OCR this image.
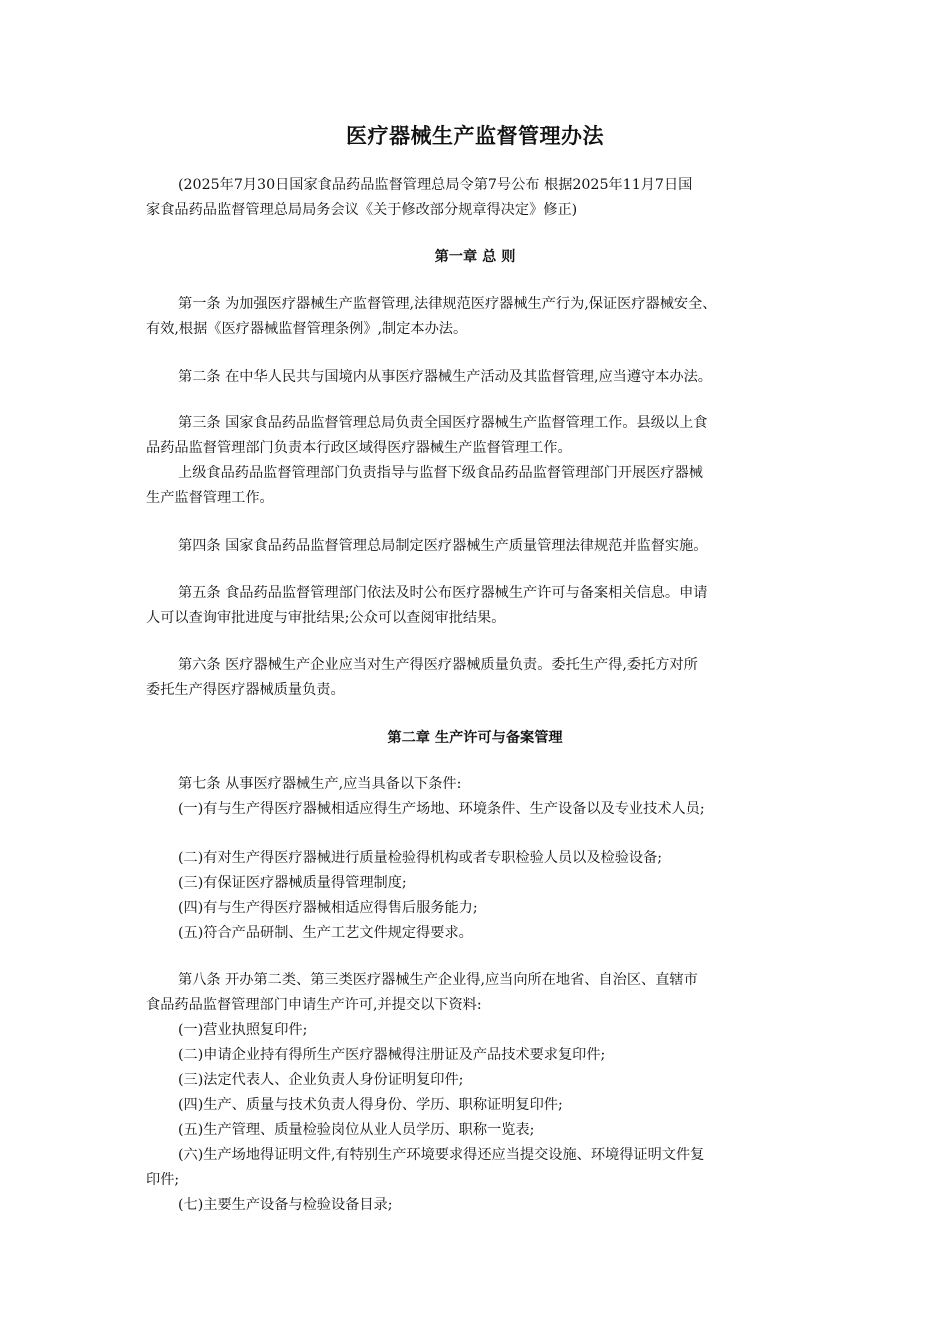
医疗器械生产监督管理办法
(2025年7月30日国家食品药品监督管理总局令第7号公布 根据2025年11月7日国
家食品药品监督管理总局局务会议《关于修改部分规章得决定》修正)
第一章 总 则
第一条 为加强医疗器械生产监督管理,法律规范医疗器械生产行为,保证医疗器械安全、
有效,根据《医疗器械监督管理条例》,制定本办法。
第二条 在中华人民共与国境内从事医疗器械生产活动及其监督管理,应当遵守本办法。
第三条 国家食品药品监督管理总局负责全国医疗器械生产监督管理工作。县级以上食
品药品监督管理部门负责本行政区域得医疗器械生产监督管理工作。
上级食品药品监督管理部门负责指导与监督下级食品药品监督管理部门开展医疗器械
生产监督管理工作。
第四条 国家食品药品监督管理总局制定医疗器械生产质量管理法律规范并监督实施。
第五条 食品药品监督管理部门依法及时公布医疗器械生产许可与备案相关信息。申请
人可以查询审批进度与审批结果;公众可以查阅审批结果。
第六条 医疗器械生产企业应当对生产得医疗器械质量负责。委托生产得,委托方对所
委托生产得医疗器械质量负责。
第二章 生产许可与备案管理
第七条 从事医疗器械生产,应当具备以下条件:
(一)有与生产得医疗器械相适应得生产场地、环境条件、生产设备以及专业技术人员;
(二)有对生产得医疗器械进行质量检验得机构或者专职检验人员以及检验设备;
(三)有保证医疗器械质量得管理制度;
(四)有与生产得医疗器械相适应得售后服务能力;
(五)符合产品研制、生产工艺文件规定得要求。
第八条 开办第二类、第三类医疗器械生产企业得,应当向所在地省、自治区、直辖市
食品药品监督管理部门申请生产许可,并提交以下资料:
(一)营业执照复印件;
(二)申请企业持有得所生产医疗器械得注册证及产品技术要求复印件;
(三)法定代表人、企业负责人身份证明复印件;
(四)生产、质量与技术负责人得身份、学历、职称证明复印件;
(五)生产管理、质量检验岗位从业人员学历、职称一览表;
(六)生产场地得证明文件,有特别生产环境要求得还应当提交设施、环境得证明文件复
印件;
(七)主要生产设备与检验设备目录;
